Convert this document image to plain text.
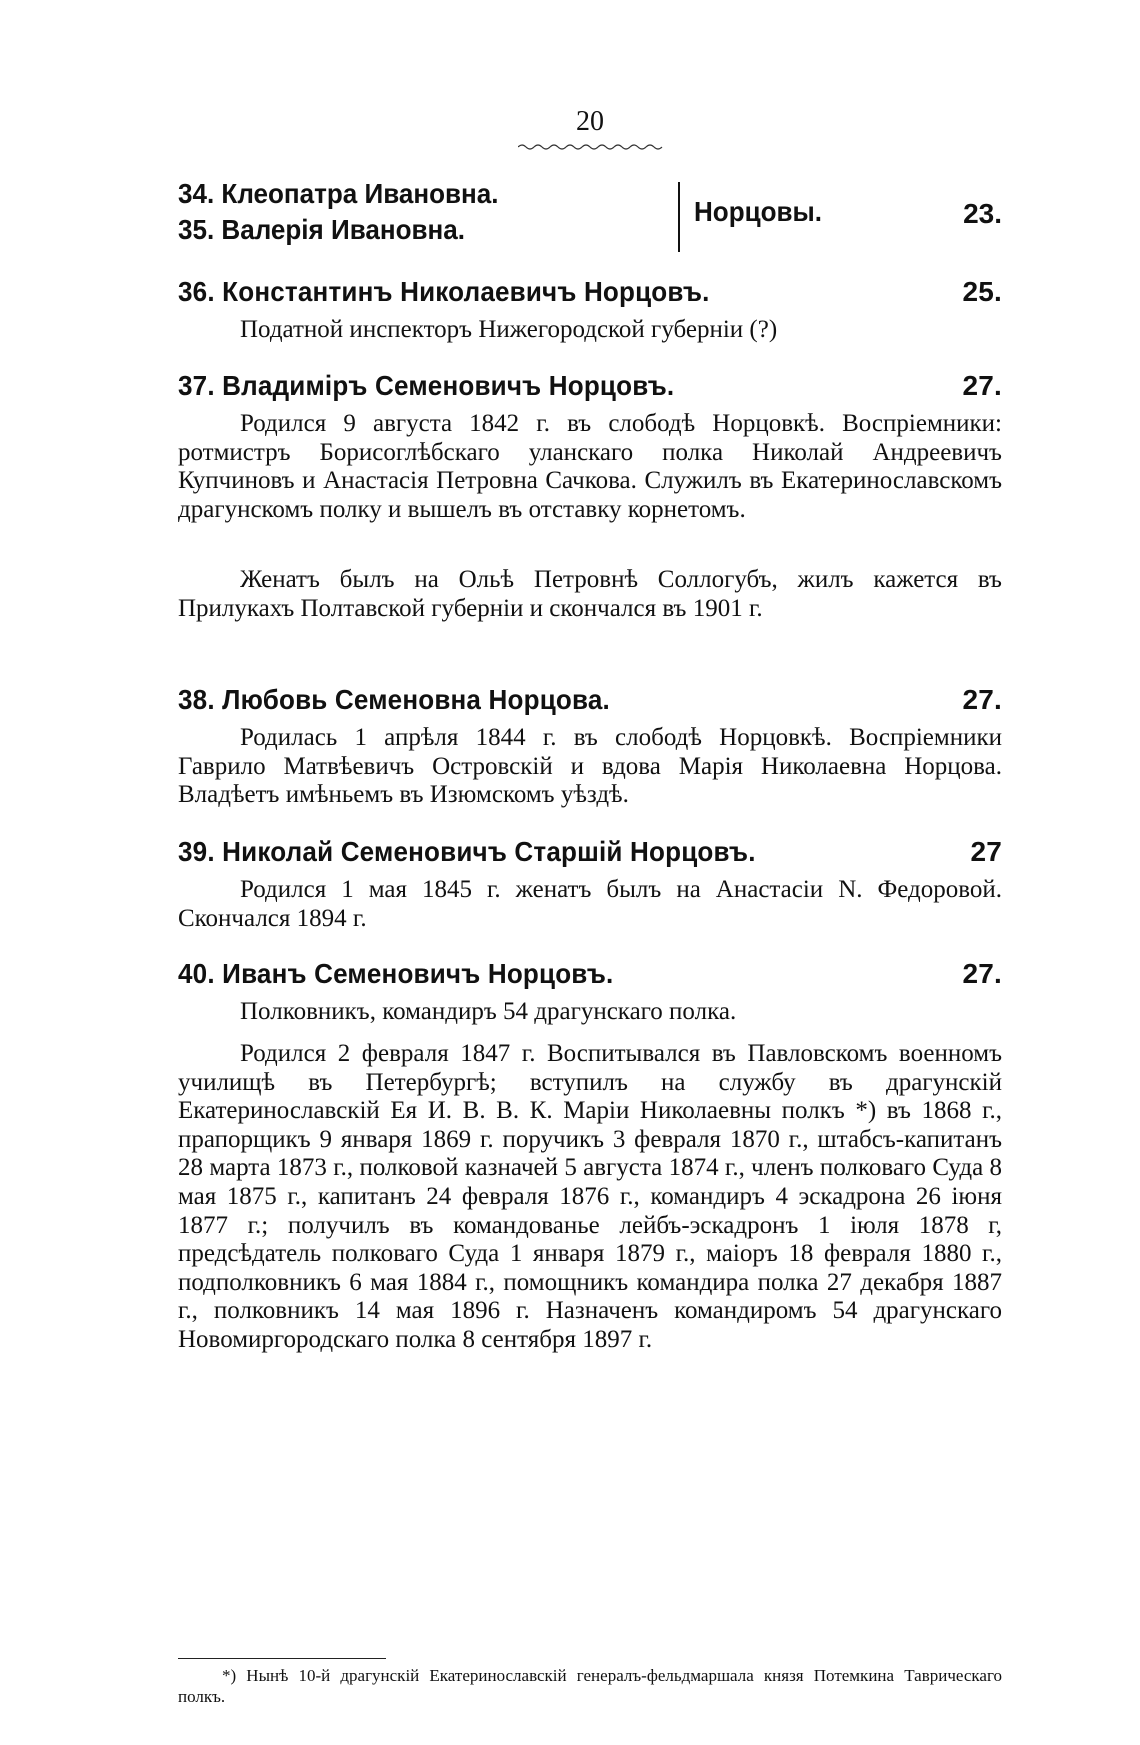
20
34. Клеопатра Ивановна.
35. Валерія Ивановна.
Норцовы.	23.
36. Константинъ Николаевичъ Норцовъ.	25.

Податной инспекторъ Нижегородской губерніи (?)

37. Владиміръ Семеновичъ Норцовъ.	27.

Родился 9 августа 1842 г. въ слободѣ Норцовкѣ. Воспріемники: ротмистръ Борисоглѣбскаго уланскаго полка Николай Андреевичъ Купчиновъ и Анастасія Петровна Сачкова. Служилъ въ Екатеринославскомъ драгунскомъ полку и вышелъ въ отставку корнетомъ.

Женатъ былъ на Ольѣ Петровнѣ Соллогубъ, жилъ кажется въ Прилукахъ Полтавской губерніи и скончался въ 1901 г.

38. Любовь Семеновна Норцова.	27.

Родилась 1 апрѣля 1844 г. въ слободѣ Норцовкѣ. Воспріемники Гаврило Матвѣевичъ Островскій и вдова Марія Николаевна Норцова. Владѣетъ имѣньемъ въ Изюмскомъ уѣздѣ.

39. Николай Семеновичъ Старшій Норцовъ.	27

Родился 1 мая 1845 г. женатъ былъ на Анастасіи N. Федоровой. Скончался 1894 г.

40. Иванъ Семеновичъ Норцовъ.	27.

Полковникъ, командиръ 54 драгунскаго полка.

Родился 2 февраля 1847 г. Воспитывался въ Павловскомъ военномъ училищѣ въ Петербургѣ; вступилъ на службу въ драгунскій Екатеринославскій Ея И. В. В. К. Маріи Николаевны полкъ *) въ 1868 г., прапорщикъ 9 января 1869 г. поручикъ 3 февраля 1870 г., штабсъ-капитанъ 28 марта 1873 г., полковой казначей 5 августа 1874 г., членъ полковаго Суда 8 мая 1875 г., капитанъ 24 февраля 1876 г., командиръ 4 эскадрона 26 іюня 1877 г.; получилъ въ командованье лейбъ-эскадронъ 1 іюля 1878 г, предсѣдатель полковаго Суда 1 января 1879 г., маіоръ 18 февраля 1880 г., подполковникъ 6 мая 1884 г., помощникъ командира полка 27 декабря 1887 г., полковникъ 14 мая 1896 г. Назначенъ командиромъ 54 драгунскаго Новомиргородскаго полка 8 сентября 1897 г.

*) Нынѣ 10-й драгунскій Екатеринославскій генералъ-фельдмаршала князя Потемкина Таврическаго полкъ.
